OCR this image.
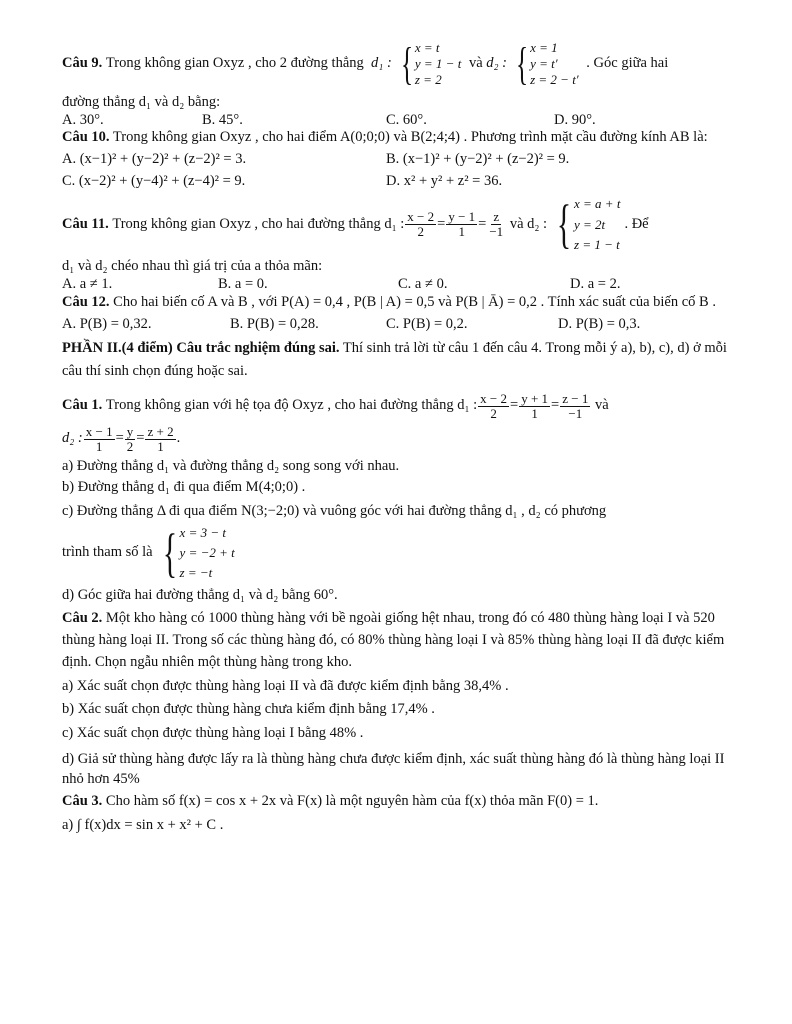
Câu 9.
Trong không gian Oxyz , cho 2 đường thẳng
d₁ : { x = t
y = 1 − t
z = 2

và
d₂ : { x = 1
y = t′
z = 2 − t′

. Góc giữa hai

đường thẳng d₁ và d₂ bằng:

A. 30°.	B. 45°.	C. 60°.	D. 90°.

Câu 10. Trong không gian Oxyz , cho hai điểm A(0;0;0) và B(2;4;4) . Phương trình mặt cầu đường kính AB là:

A. (x−1)² + (y−2)² + (z−2)² = 3.	B. (x−1)² + (y−2)² + (z−2)² = 9.
C. (x−2)² + (y−4)² + (z−4)² = 9.	D. x² + y² + z² = 36.
Câu 11.
Trong không gian Oxyz , cho hai đường thẳng d₁ : $\frac{x - 2}{2} = \frac{y - 1}{1} = \frac{z}{-1}$
và d₂ : { x = a + t
y = 2t
z = 1 − t
. Để

d₁ và d₂ chéo nhau thì giá trị của a thỏa mãn:

A. a ≠ 1.	B. a = 0.	C. a ≠ 0.	D. a = 2.

Câu 12. Cho hai biến cố A và B , với P(A) = 0,4 , P(B | A) = 0,5 và P(B | Ā) = 0,2 . Tính xác suất của biến cố B .

A. P(B) = 0,32.	B. P(B) = 0,28.	C. P(B) = 0,2.	D. P(B) = 0,3.

PHẦN II.(4 điểm) Câu trắc nghiệm đúng sai. Thí sinh trả lời từ câu 1 đến câu 4. Trong mỗi ý a), b), c), d) ở mỗi câu thí sinh chọn đúng hoặc sai.

Câu 1.
Trong không gian với hệ tọa độ Oxyz , cho hai đường thẳng d₁ : $\frac{x - 2}{2} = \frac{y + 1}{1} = \frac{z - 1}{-1}$
và
d₂ : $\frac{x - 1}{1} = \frac{y}{2} = \frac{z + 2}{1}$ .

a) Đường thẳng d₁ và đường thẳng d₂ song song với nhau.

b) Đường thẳng d₁ đi qua điểm M(4;0;0) .

c) Đường thẳng Δ đi qua điểm N(3;−2;0) và vuông góc với hai đường thẳng d₁ , d₂ có phương

trình tham số là { x = 3 − t
y = −2 + t
z = −t

d) Góc giữa hai đường thẳng d₁ và d₂ bằng 60°.

Câu 2. Một kho hàng có 1000 thùng hàng với bề ngoài giống hệt nhau, trong đó có 480 thùng hàng loại I và 520 thùng hàng loại II. Trong số các thùng hàng đó, có 80% thùng hàng loại I và 85% thùng hàng loại II đã được kiểm định. Chọn ngẫu nhiên một thùng hàng trong kho.

a) Xác suất chọn được thùng hàng loại II và đã được kiểm định bằng 38,4% .

b) Xác suất chọn được thùng hàng chưa kiểm định bằng 17,4% .

c) Xác suất chọn được thùng hàng loại I bằng 48% .

d) Giả sử thùng hàng được lấy ra là thùng hàng chưa được kiểm định, xác suất thùng hàng đó là thùng hàng loại II nhỏ hơn 45%

Câu 3. Cho hàm số f(x) = cos x + 2x và F(x) là một nguyên hàm của f(x) thỏa mãn F(0) = 1.

a) ∫ f(x)dx = sin x + x² + C .
